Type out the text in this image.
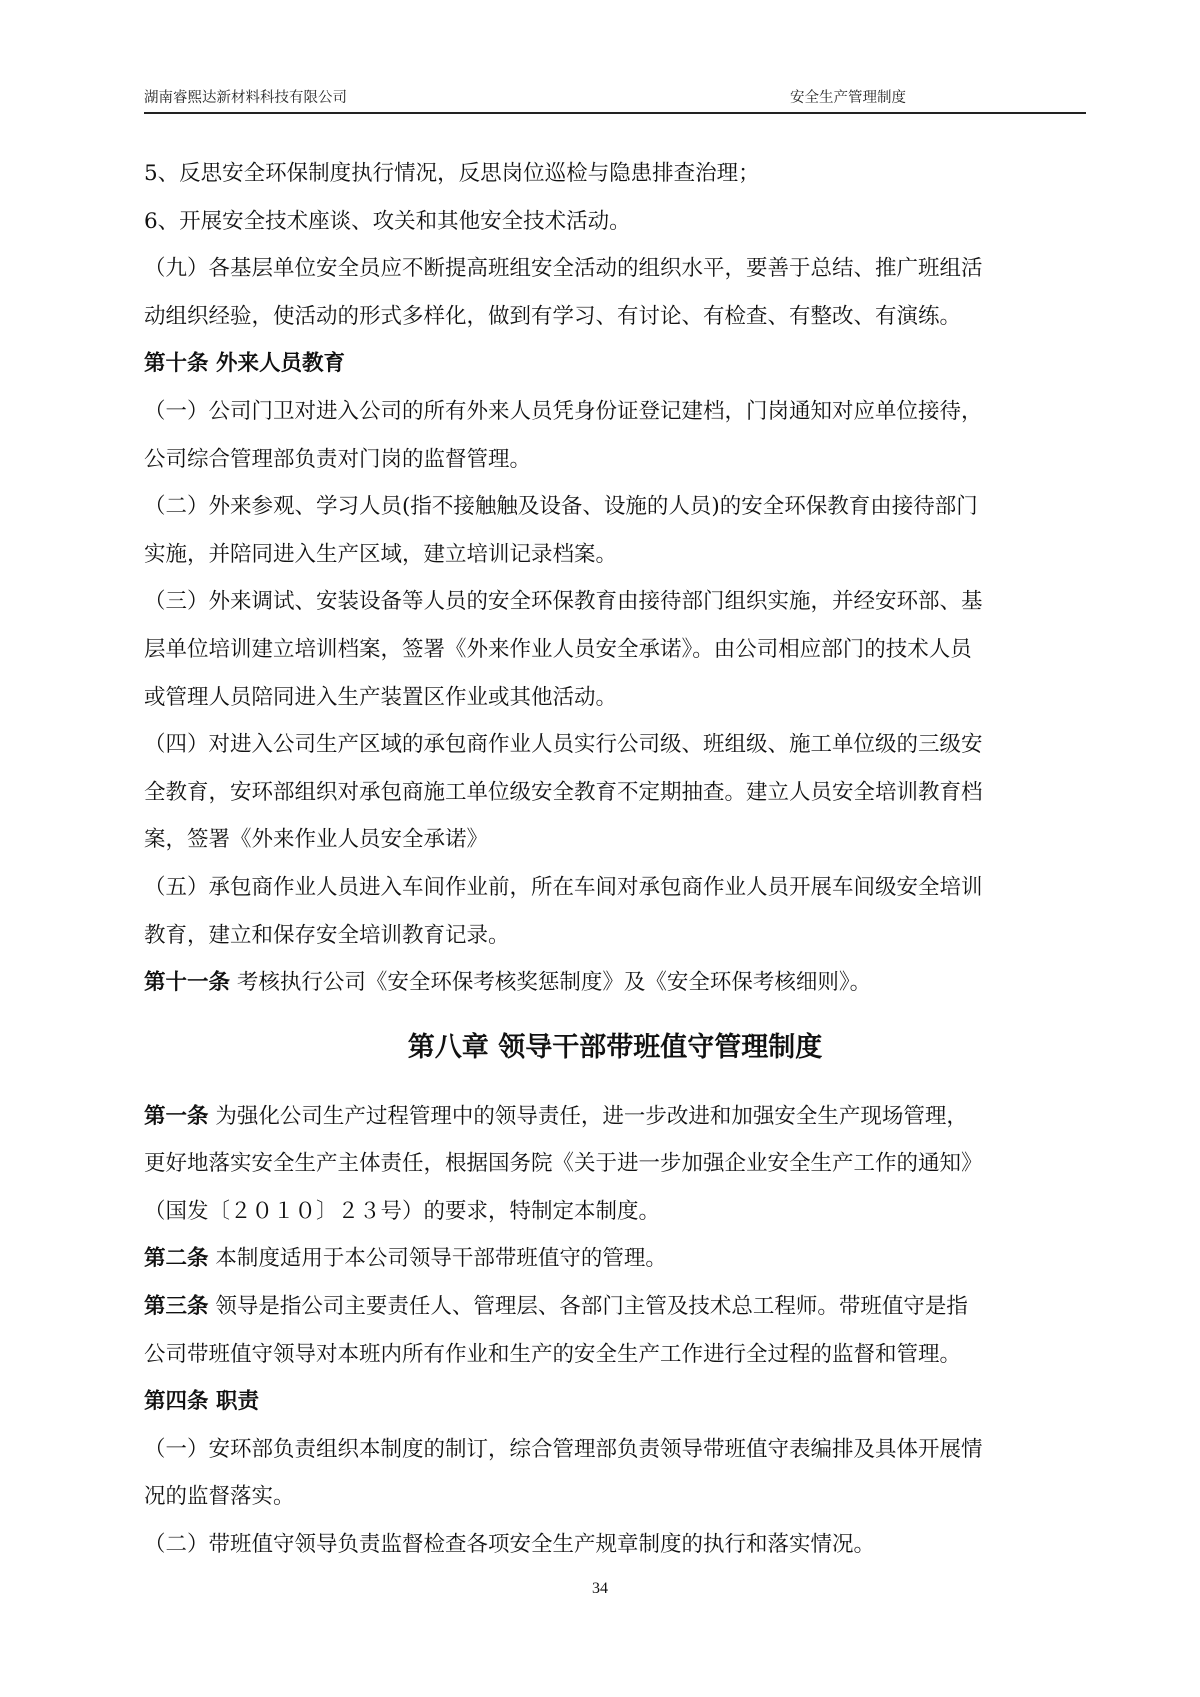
湖南睿熙达新材料科技有限公司	安全生产管理制度
5、反思安全环保制度执行情况，反思岗位巡检与隐患排查治理；
6、开展安全技术座谈、攻关和其他安全技术活动。
（九）各基层单位安全员应不断提高班组安全活动的组织水平，要善于总结、推广班组活
动组织经验，使活动的形式多样化，做到有学习、有讨论、有检查、有整改、有演练。
第十条 外来人员教育
（一）公司门卫对进入公司的所有外来人员凭身份证登记建档，门岗通知对应单位接待，
公司综合管理部负责对门岗的监督管理。
（二）外来参观、学习人员(指不接触触及设备、设施的人员)的安全环保教育由接待部门
实施，并陪同进入生产区域，建立培训记录档案。
（三）外来调试、安装设备等人员的安全环保教育由接待部门组织实施，并经安环部、基
层单位培训建立培训档案，签署《外来作业人员安全承诺》。由公司相应部门的技术人员
或管理人员陪同进入生产装置区作业或其他活动。
（四）对进入公司生产区域的承包商作业人员实行公司级、班组级、施工单位级的三级安
全教育，安环部组织对承包商施工单位级安全教育不定期抽查。建立人员安全培训教育档
案，签署《外来作业人员安全承诺》
（五）承包商作业人员进入车间作业前，所在车间对承包商作业人员开展车间级安全培训
教育，建立和保存安全培训教育记录。
第十一条 考核执行公司《安全环保考核奖惩制度》及《安全环保考核细则》。
第八章 领导干部带班值守管理制度
第一条 为强化公司生产过程管理中的领导责任，进一步改进和加强安全生产现场管理，
更好地落实安全生产主体责任，根据国务院《关于进一步加强企业安全生产工作的通知》
（国发〔２０１０〕２３号）的要求，特制定本制度。
第二条 本制度适用于本公司领导干部带班值守的管理。
第三条 领导是指公司主要责任人、管理层、各部门主管及技术总工程师。带班值守是指
公司带班值守领导对本班内所有作业和生产的安全生产工作进行全过程的监督和管理。
第四条 职责
（一）安环部负责组织本制度的制订，综合管理部负责领导带班值守表编排及具体开展情
况的监督落实。
（二）带班值守领导负责监督检查各项安全生产规章制度的执行和落实情况。
34
